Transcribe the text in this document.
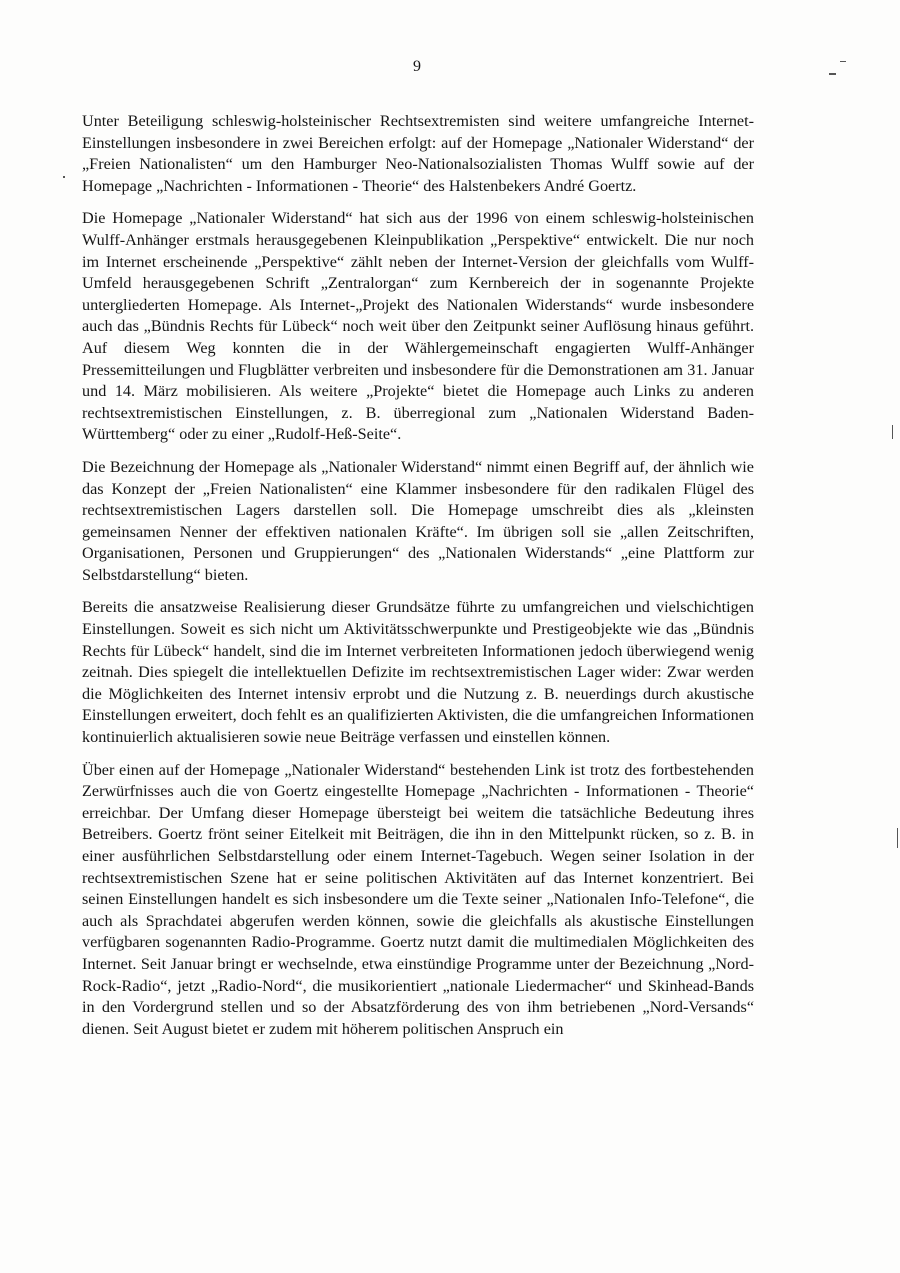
9

Unter Beteiligung schleswig-holsteinischer Rechtsextremisten sind weitere umfangreiche Internet-Einstellungen insbesondere in zwei Bereichen erfolgt: auf der Homepage „Nationaler Widerstand“ der „Freien Nationalisten“ um den Hamburger Neo-Nationalsozialisten Thomas Wulff sowie auf der Homepage „Nachrichten - Informationen - Theorie“ des Halstenbekers André Goertz.

Die Homepage „Nationaler Widerstand“ hat sich aus der 1996 von einem schleswig-holsteinischen Wulff-Anhänger erstmals herausgegebenen Kleinpublikation „Perspektive“ entwickelt. Die nur noch im Internet erscheinende „Perspektive“ zählt neben der Internet-Version der gleichfalls vom Wulff-Umfeld herausgegebenen Schrift „Zentralorgan“ zum Kernbereich der in sogenannte Projekte untergliederten Homepage. Als Internet-„Projekt des Nationalen Widerstands“ wurde insbesondere auch das „Bündnis Rechts für Lübeck“ noch weit über den Zeitpunkt seiner Auflösung hinaus geführt. Auf diesem Weg konnten die in der Wählergemeinschaft engagierten Wulff-Anhänger Pressemitteilungen und Flugblätter verbreiten und insbesondere für die Demonstrationen am 31. Januar und 14. März mobilisieren. Als weitere „Projekte“ bietet die Homepage auch Links zu anderen rechtsextremistischen Einstellungen, z. B. überregional zum „Nationalen Widerstand Baden-Württemberg“ oder zu einer „Rudolf-Heß-Seite“.

Die Bezeichnung der Homepage als „Nationaler Widerstand“ nimmt einen Begriff auf, der ähnlich wie das Konzept der „Freien Nationalisten“ eine Klammer insbesondere für den radikalen Flügel des rechtsextremistischen Lagers darstellen soll. Die Homepage umschreibt dies als „kleinsten gemeinsamen Nenner der effektiven nationalen Kräfte“. Im übrigen soll sie „allen Zeitschriften, Organisationen, Personen und Gruppierungen“ des „Nationalen Widerstands“ „eine Plattform zur Selbstdarstellung“ bieten.

Bereits die ansatzweise Realisierung dieser Grundsätze führte zu umfangreichen und vielschichtigen Einstellungen. Soweit es sich nicht um Aktivitätsschwerpunkte und Prestigeobjekte wie das „Bündnis Rechts für Lübeck“ handelt, sind die im Internet verbreiteten Informationen jedoch überwiegend wenig zeitnah. Dies spiegelt die intellektuellen Defizite im rechtsextremistischen Lager wider: Zwar werden die Möglichkeiten des Internet intensiv erprobt und die Nutzung z. B. neuerdings durch akustische Einstellungen erweitert, doch fehlt es an qualifizierten Aktivisten, die die umfangreichen Informationen kontinuierlich aktualisieren sowie neue Beiträge verfassen und einstellen können.

Über einen auf der Homepage „Nationaler Widerstand“ bestehenden Link ist trotz des fortbestehenden Zerwürfnisses auch die von Goertz eingestellte Homepage „Nachrichten - Informationen - Theorie“ erreichbar. Der Umfang dieser Homepage übersteigt bei weitem die tatsächliche Bedeutung ihres Betreibers. Goertz frönt seiner Eitelkeit mit Beiträgen, die ihn in den Mittelpunkt rücken, so z. B. in einer ausführlichen Selbstdarstellung oder einem Internet-Tagebuch. Wegen seiner Isolation in der rechtsextremistischen Szene hat er seine politischen Aktivitäten auf das Internet konzentriert. Bei seinen Einstellungen handelt es sich insbesondere um die Texte seiner „Nationalen Info-Telefone“, die auch als Sprachdatei abgerufen werden können, sowie die gleichfalls als akustische Einstellungen verfügbaren sogenannten Radio-Programme. Goertz nutzt damit die multimedialen Möglichkeiten des Internet. Seit Januar bringt er wechselnde, etwa einstündige Programme unter der Bezeichnung „Nord-Rock-Radio“, jetzt „Radio-Nord“, die musikorientiert „nationale Liedermacher“ und Skinhead-Bands in den Vordergrund stellen und so der Absatzförderung des von ihm betriebenen „Nord-Versands“ dienen. Seit August bietet er zudem mit höherem politischen Anspruch ein
